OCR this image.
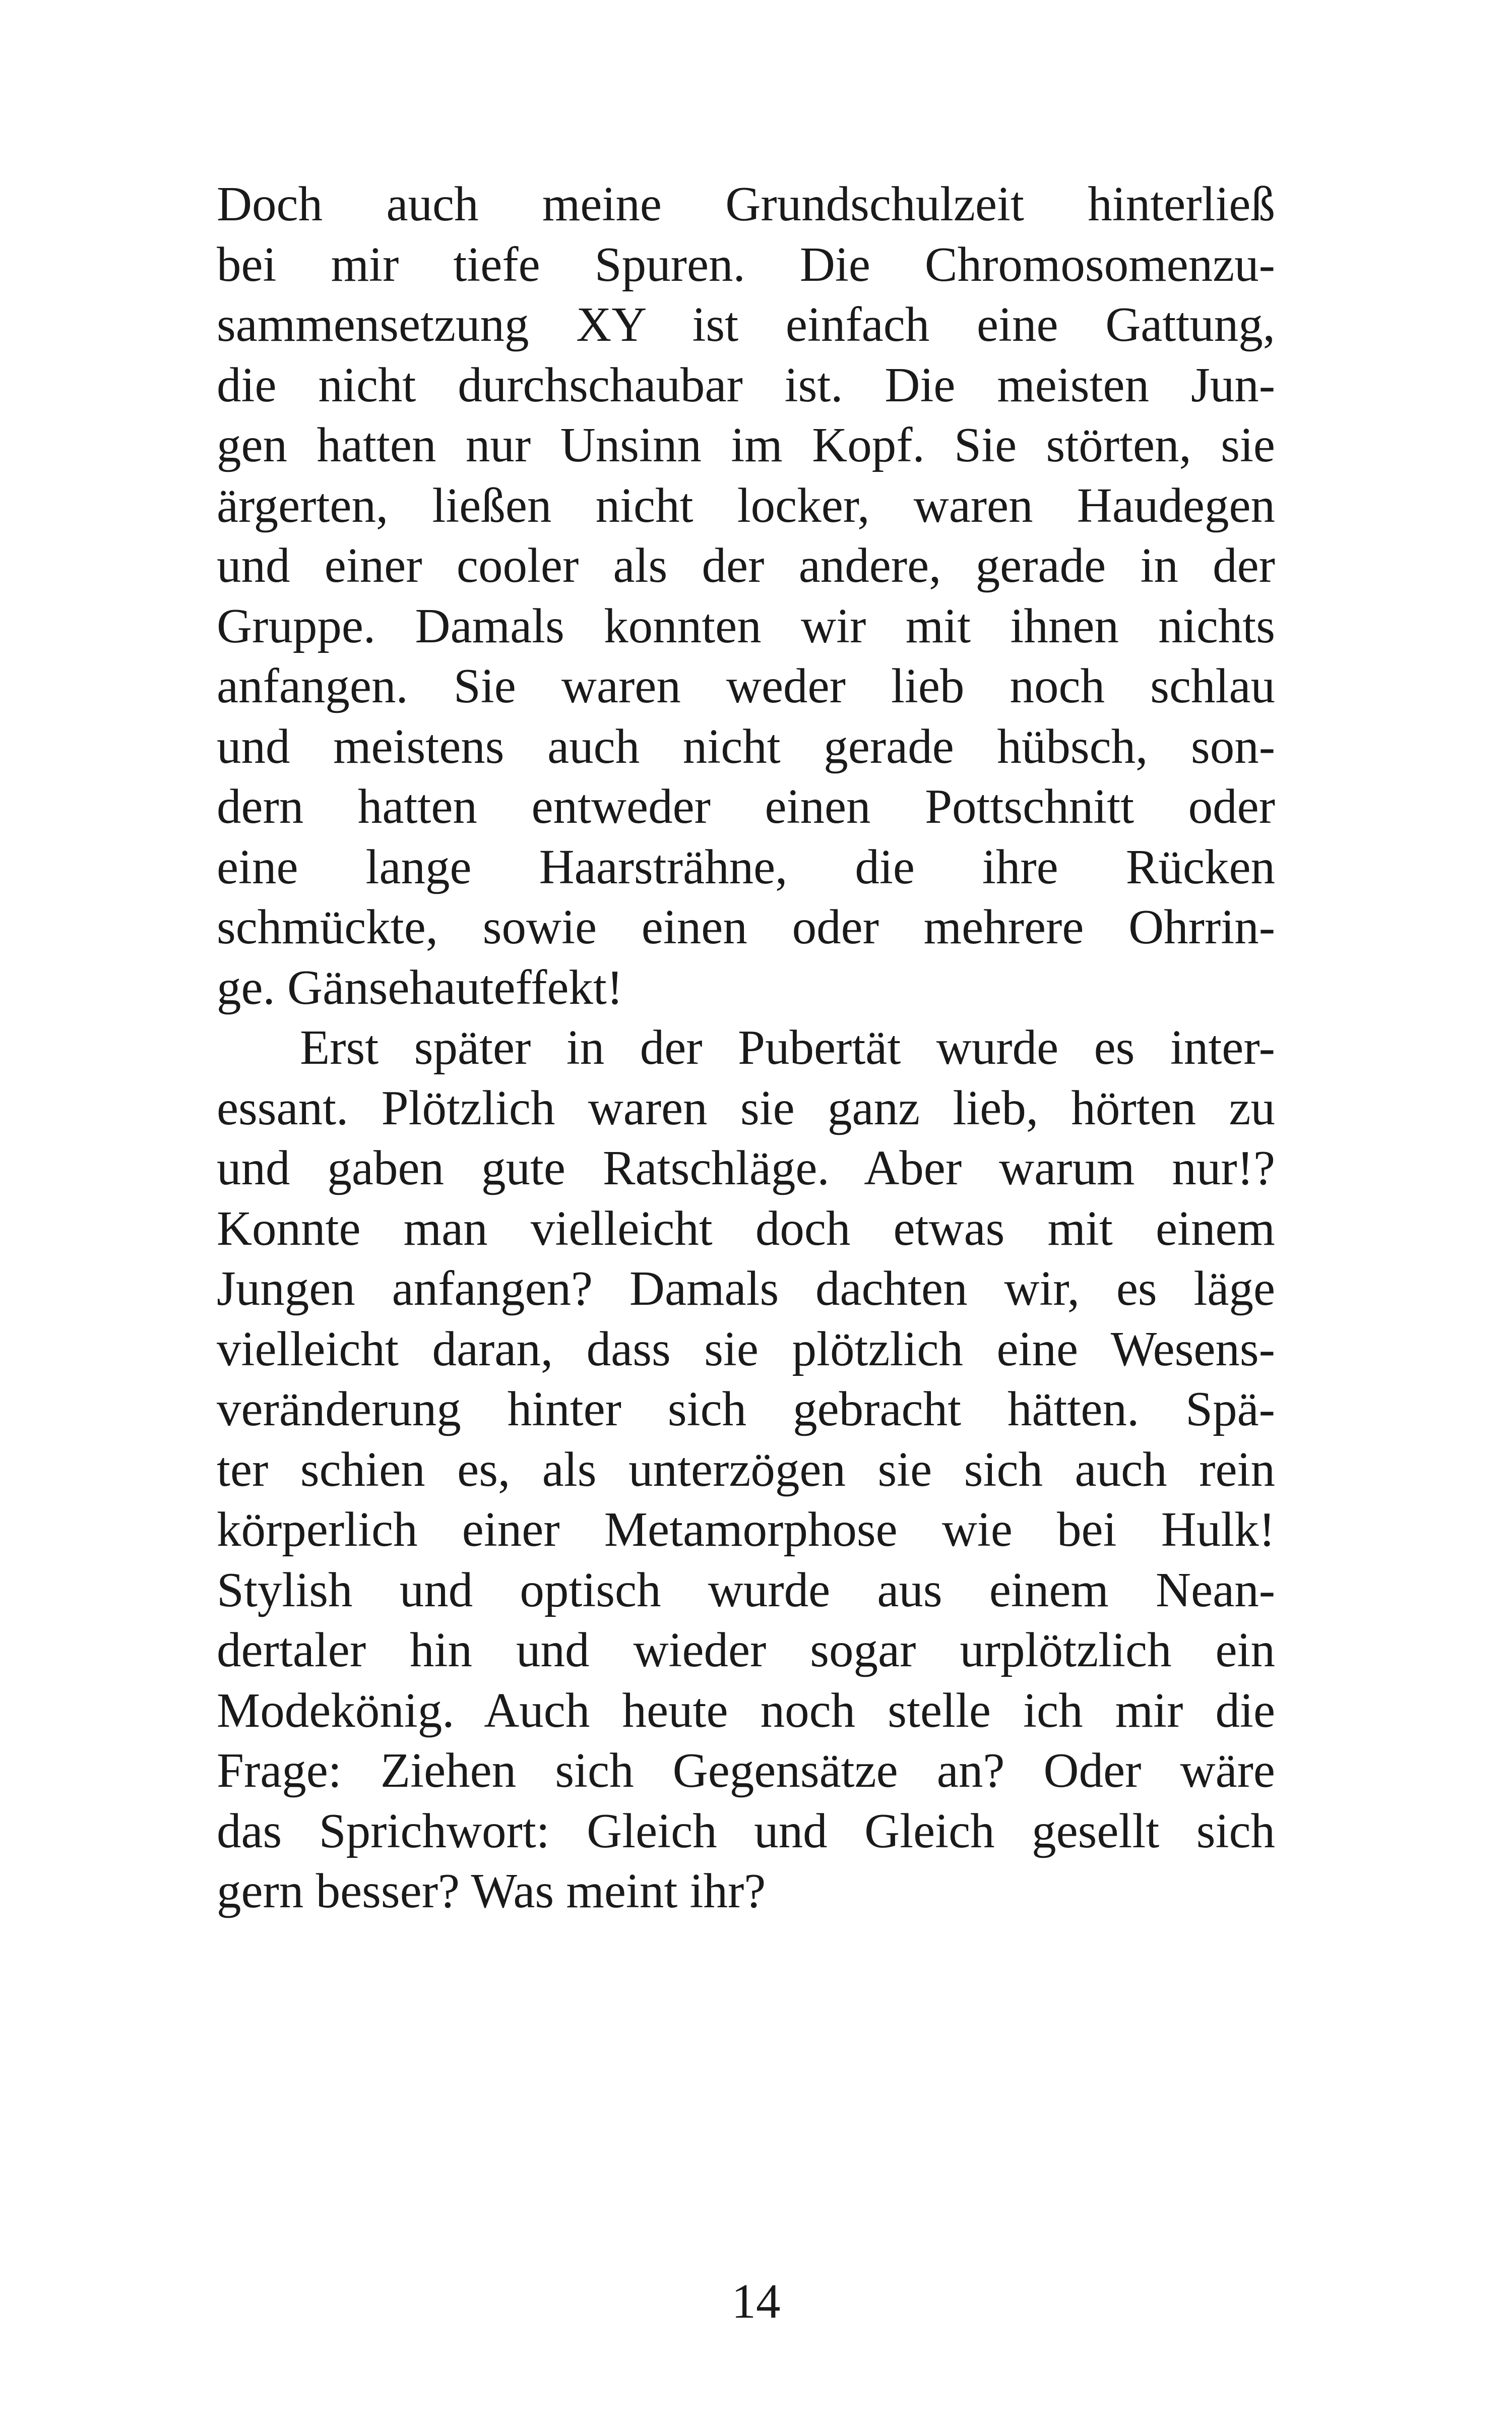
Doch auch meine Grundschulzeit hinterließ
bei mir tiefe Spuren. Die Chromosomenzu-
sammensetzung XY ist einfach eine Gattung,
die nicht durchschaubar ist. Die meisten Jun-
gen hatten nur Unsinn im Kopf. Sie störten, sie
ärgerten, ließen nicht locker, waren Haudegen
und einer cooler als der andere, gerade in der
Gruppe. Damals konnten wir mit ihnen nichts
anfangen. Sie waren weder lieb noch schlau
und meistens auch nicht gerade hübsch, son-
dern hatten entweder einen Pottschnitt oder
eine lange Haarsträhne, die ihre Rücken
schmückte, sowie einen oder mehrere Ohrrin-
ge. Gänsehauteffekt!
Erst später in der Pubertät wurde es inter-
essant. Plötzlich waren sie ganz lieb, hörten zu
und gaben gute Ratschläge. Aber warum nur!?
Konnte man vielleicht doch etwas mit einem
Jungen anfangen? Damals dachten wir, es läge
vielleicht daran, dass sie plötzlich eine Wesens-
veränderung hinter sich gebracht hätten. Spä-
ter schien es, als unterzögen sie sich auch rein
körperlich einer Metamorphose wie bei Hulk!
Stylish und optisch wurde aus einem Nean-
dertaler hin und wieder sogar urplötzlich ein
Modekönig. Auch heute noch stelle ich mir die
Frage: Ziehen sich Gegensätze an? Oder wäre
das Sprichwort: Gleich und Gleich gesellt sich
gern besser? Was meint ihr?
14
